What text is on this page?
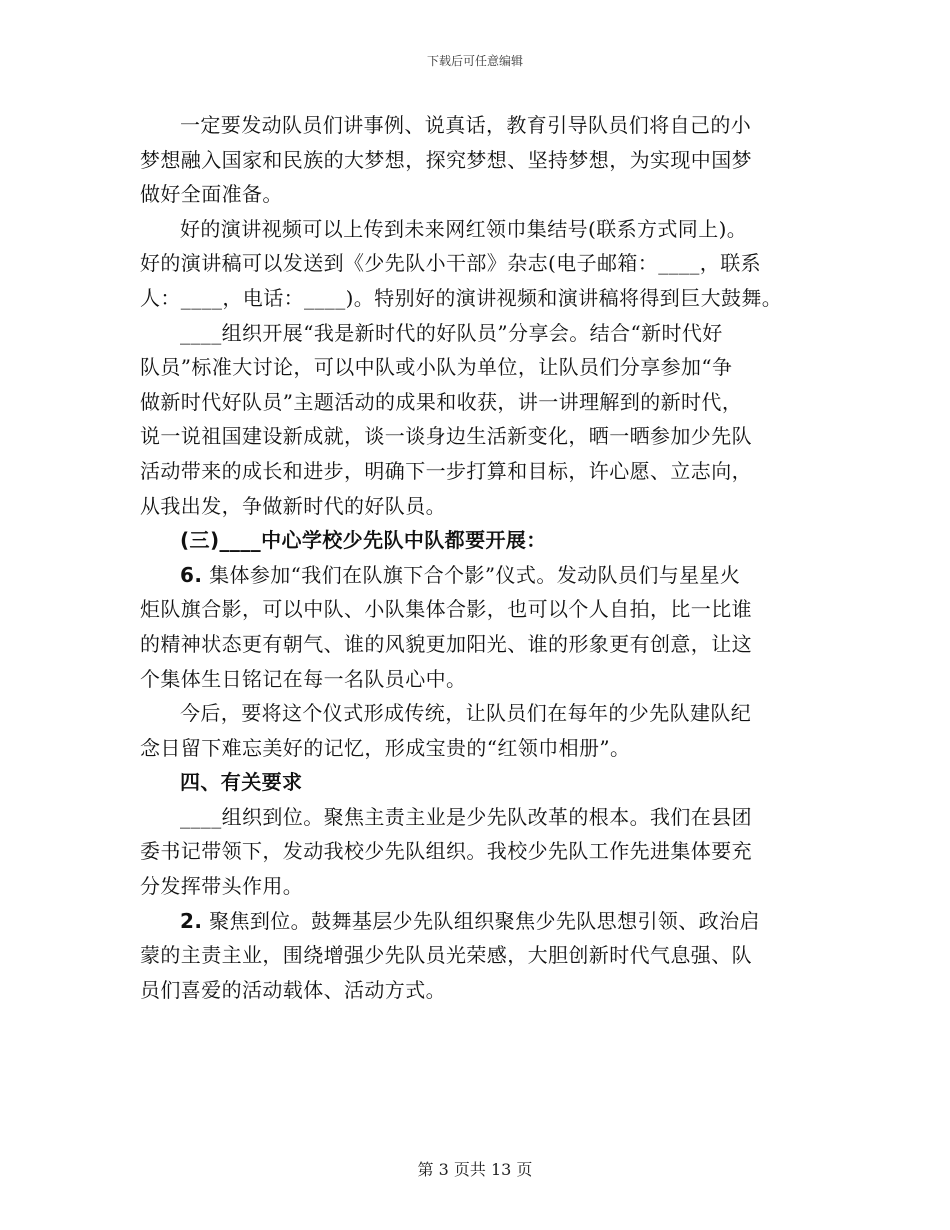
下载后可任意编辑

一定要发动队员们讲事例、说真话，教育引导队员们将自己的小
梦想融入国家和民族的大梦想，探究梦想、坚持梦想，为实现中国梦
做好全面准备。

好的演讲视频可以上传到未来网红领巾集结号(联系方式同上)。
好的演讲稿可以发送到《少先队小干部》杂志(电子邮箱：____，联系
人：____，电话：____)。特别好的演讲视频和演讲稿将得到巨大鼓舞。

____组织开展“我是新时代的好队员”分享会。结合“新时代好
队员”标准大讨论，可以中队或小队为单位，让队员们分享参加“争
做新时代好队员”主题活动的成果和收获，讲一讲理解到的新时代，
说一说祖国建设新成就，谈一谈身边生活新变化，晒一晒参加少先队
活动带来的成长和进步，明确下一步打算和目标，许心愿、立志向，
从我出发，争做新时代的好队员。

(三)____中心学校少先队中队都要开展：

6. 集体参加“我们在队旗下合个影”仪式。发动队员们与星星火
炬队旗合影，可以中队、小队集体合影，也可以个人自拍，比一比谁
的精神状态更有朝气、谁的风貌更加阳光、谁的形象更有创意，让这
个集体生日铭记在每一名队员心中。

今后，要将这个仪式形成传统，让队员们在每年的少先队建队纪
念日留下难忘美好的记忆，形成宝贵的“红领巾相册”。

四、有关要求

____组织到位。聚焦主责主业是少先队改革的根本。我们在县团
委书记带领下，发动我校少先队组织。我校少先队工作先进集体要充
分发挥带头作用。

2. 聚焦到位。鼓舞基层少先队组织聚焦少先队思想引领、政治启
蒙的主责主业，围绕增强少先队员光荣感，大胆创新时代气息强、队
员们喜爱的活动载体、活动方式。

第 3 页共 13 页
